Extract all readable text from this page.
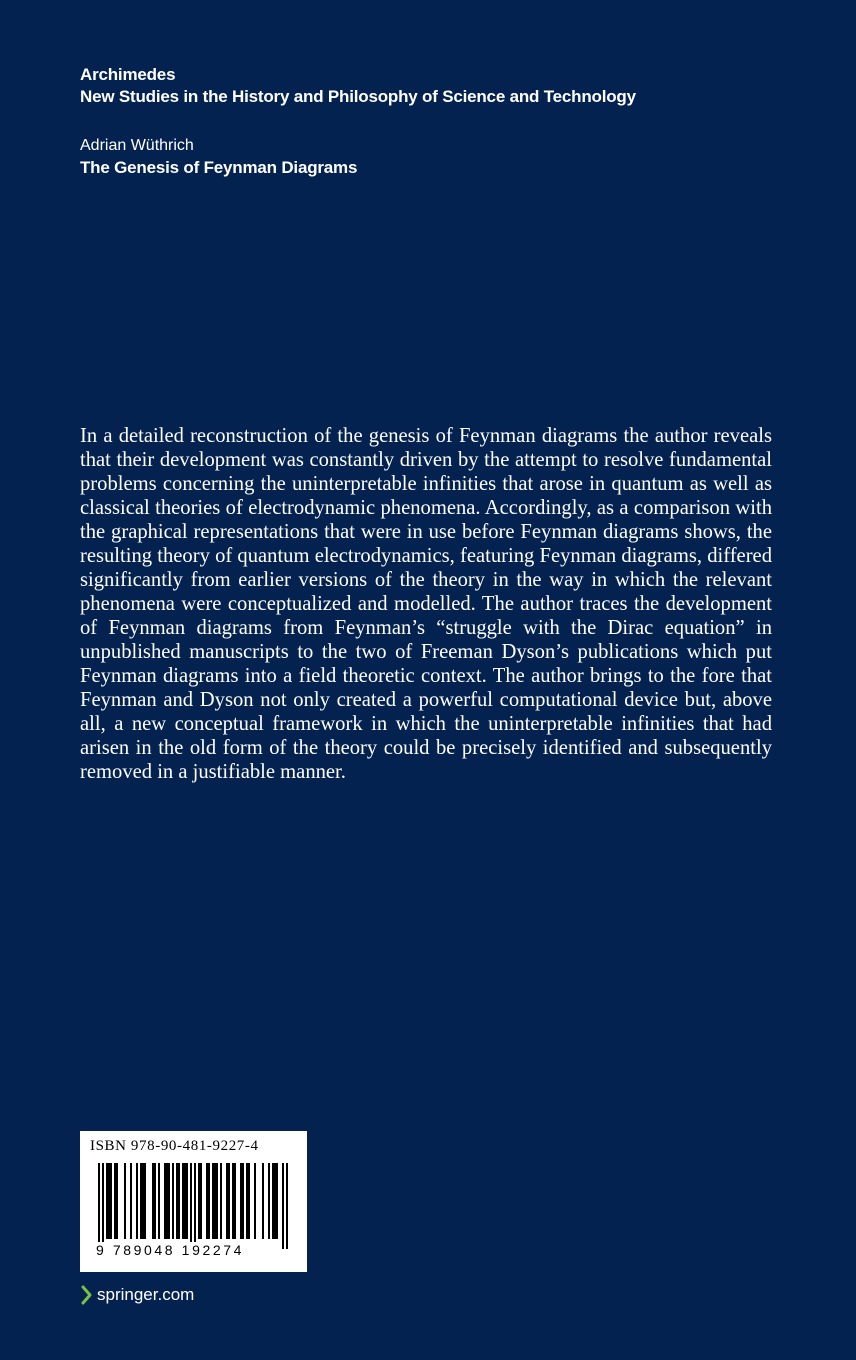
Archimedes
New Studies in the History and Philosophy of Science and Technology
Adrian Wüthrich
The Genesis of Feynman Diagrams
In a detailed reconstruction of the genesis of Feynman diagrams the author reveals that their development was constantly driven by the attempt to resolve fundamental problems concerning the uninterpretable infinities that arose in quantum as well as classical theories of electrodynamic phenomena. Accordingly, as a comparison with the graphical representations that were in use before Feynman diagrams shows, the resulting theory of quantum electrodynamics, featuring Feynman diagrams, differed significantly from earlier versions of the theory in the way in which the relevant phenomena were conceptualized and modelled. The author traces the development of Feynman diagrams from Feynman’s “struggle with the Dirac equation” in unpublished manuscripts to the two of Freeman Dyson’s publications which put Feynman diagrams into a field theoretic context. The author brings to the fore that Feynman and Dyson not only created a powerful computational device but, above all, a new conceptual framework in which the uninterpretable infinities that had arisen in the old form of the theory could be precisely identified and subsequently removed in a justifiable manner.
ISBN 978-90-481-9227-4
9 789048 192274
springer.com
